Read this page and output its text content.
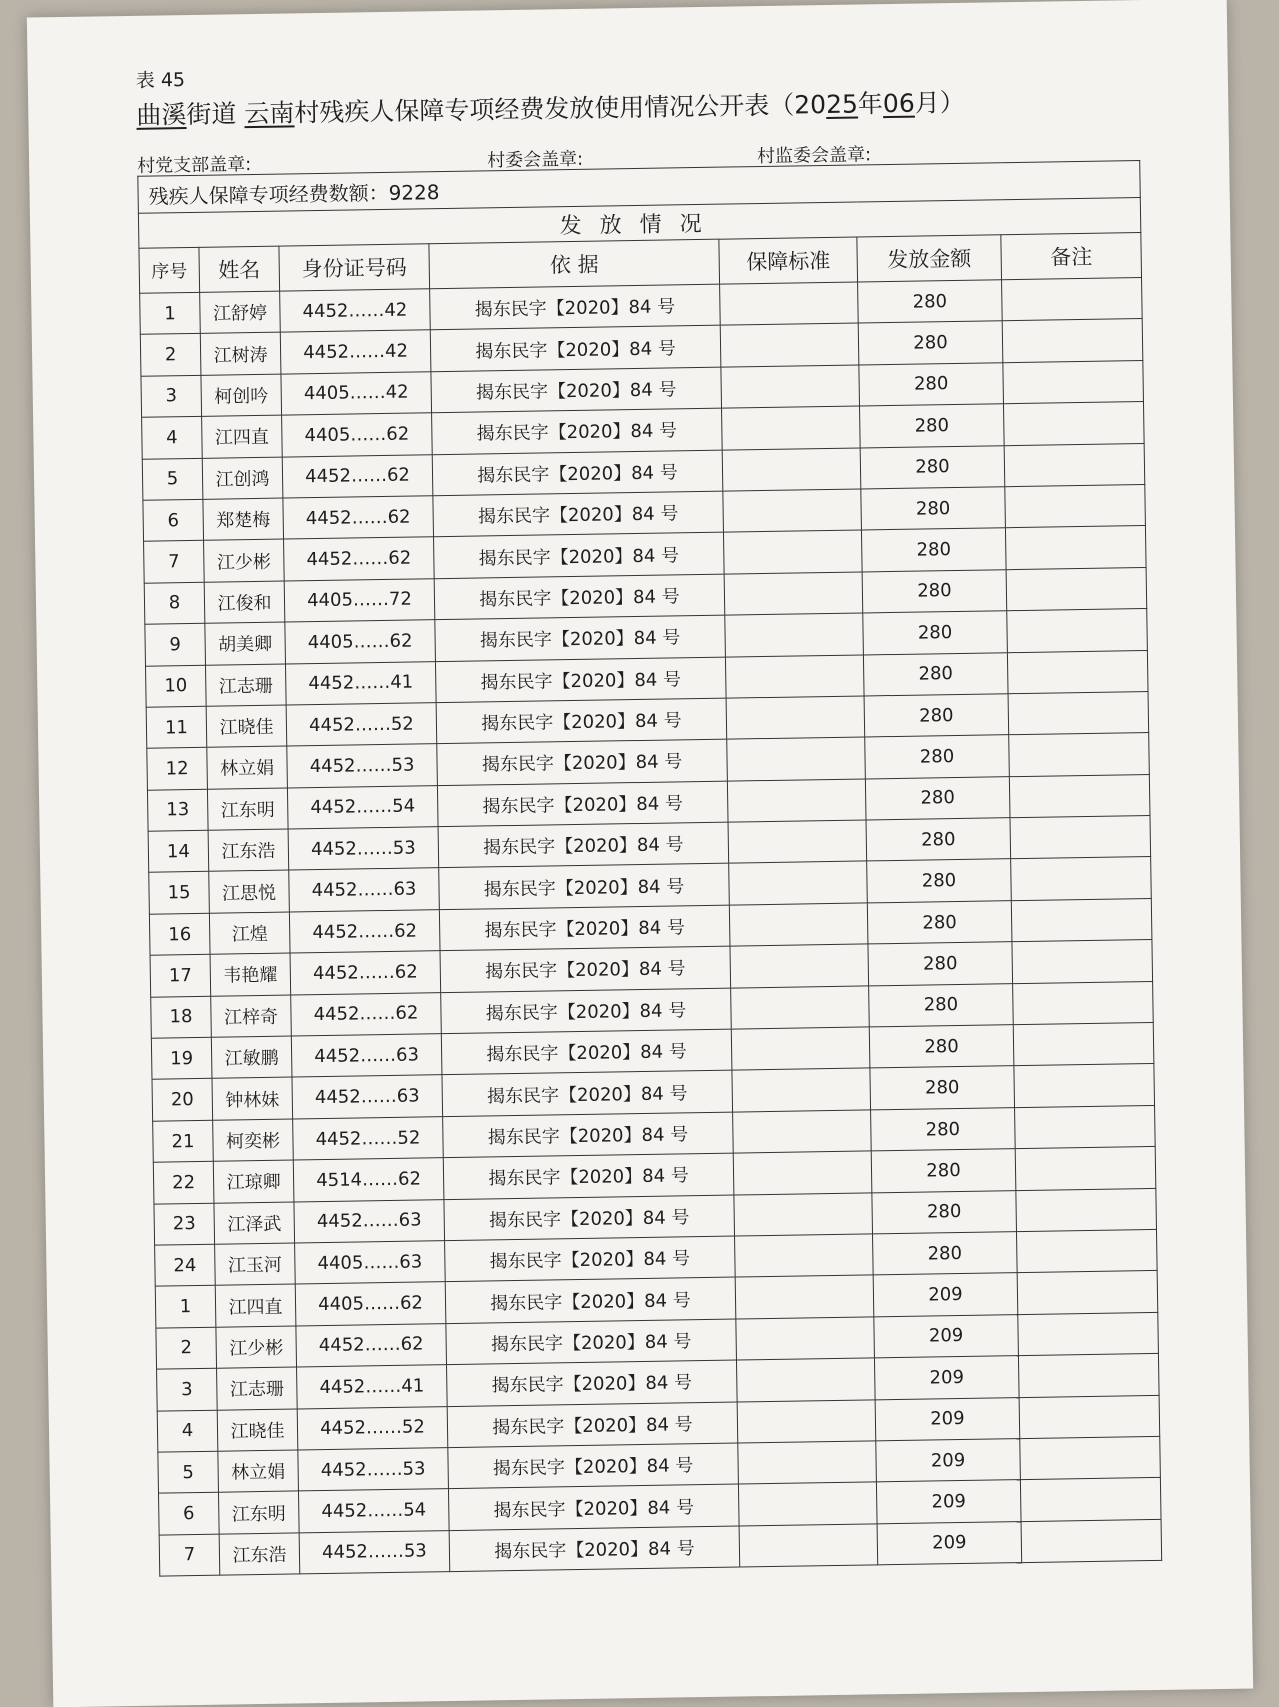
表 45
曲溪街道 云南村残疾人保障专项经费发放使用情况公开表（2025年06月）
村党支部盖章:	村委会盖章:	村监委会盖章:
残疾人保障专项经费数额：9228						
发放情况						
序号	姓名	身份证号码	依 据	保障标准	发放金额	备注
1	江舒婷	4452……42	揭东民字【2020】84 号		280	
2	江树涛	4452……42	揭东民字【2020】84 号		280	
3	柯创吟	4405……42	揭东民字【2020】84 号		280	
4	江四直	4405……62	揭东民字【2020】84 号		280	
5	江创鸿	4452……62	揭东民字【2020】84 号		280	
6	郑楚梅	4452……62	揭东民字【2020】84 号		280	
7	江少彬	4452……62	揭东民字【2020】84 号		280	
8	江俊和	4405……72	揭东民字【2020】84 号		280	
9	胡美卿	4405……62	揭东民字【2020】84 号		280	
10	江志珊	4452……41	揭东民字【2020】84 号		280	
11	江晓佳	4452……52	揭东民字【2020】84 号		280	
12	林立娟	4452……53	揭东民字【2020】84 号		280	
13	江东明	4452……54	揭东民字【2020】84 号		280	
14	江东浩	4452……53	揭东民字【2020】84 号		280	
15	江思悦	4452……63	揭东民字【2020】84 号		280	
16	江煌	4452……62	揭东民字【2020】84 号		280	
17	韦艳耀	4452……62	揭东民字【2020】84 号		280	
18	江梓奇	4452……62	揭东民字【2020】84 号		280	
19	江敏鹏	4452……63	揭东民字【2020】84 号		280	
20	钟林妹	4452……63	揭东民字【2020】84 号		280	
21	柯奕彬	4452……52	揭东民字【2020】84 号		280	
22	江琼卿	4514……62	揭东民字【2020】84 号		280	
23	江泽武	4452……63	揭东民字【2020】84 号		280	
24	江玉河	4405……63	揭东民字【2020】84 号		280	
1	江四直	4405……62	揭东民字【2020】84 号		209	
2	江少彬	4452……62	揭东民字【2020】84 号		209	
3	江志珊	4452……41	揭东民字【2020】84 号		209	
4	江晓佳	4452……52	揭东民字【2020】84 号		209	
5	林立娟	4452……53	揭东民字【2020】84 号		209	
6	江东明	4452……54	揭东民字【2020】84 号		209	
7	江东浩	4452……53	揭东民字【2020】84 号		209	
